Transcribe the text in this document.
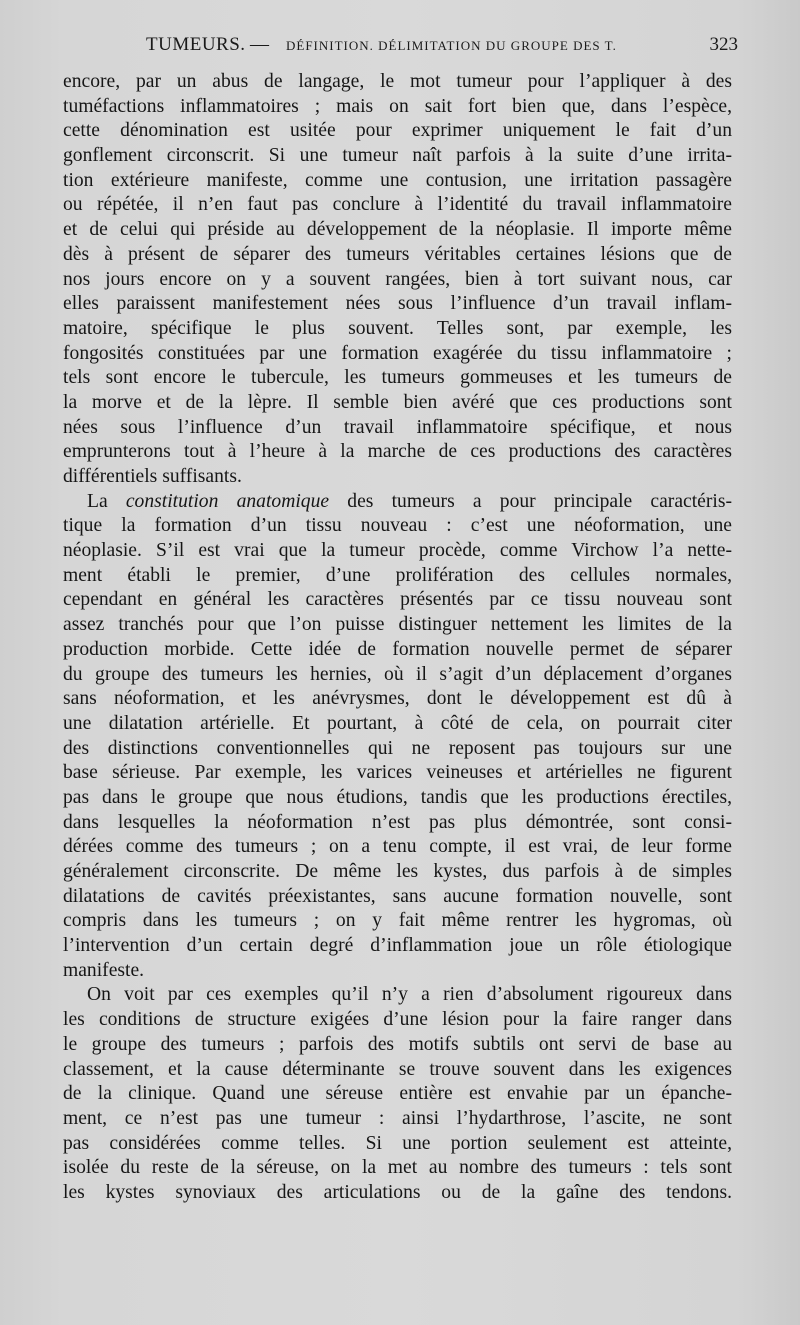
TUMEURS. — DÉFINITION. DÉLIMITATION DU GROUPE DES T.	323
encore, par un abus de langage, le mot tumeur pour l’appliquer à des
tuméfactions inflammatoires ; mais on sait fort bien que, dans l’espèce,
cette dénomination est usitée pour exprimer uniquement le fait d’un
gonflement circonscrit. Si une tumeur naît parfois à la suite d’une irrita-
tion extérieure manifeste, comme une contusion, une irritation passagère
ou répétée, il n’en faut pas conclure à l’identité du travail inflammatoire
et de celui qui préside au développement de la néoplasie. Il importe même
dès à présent de séparer des tumeurs véritables certaines lésions que de
nos jours encore on y a souvent rangées, bien à tort suivant nous, car
elles paraissent manifestement nées sous l’influence d’un travail inflam-
matoire, spécifique le plus souvent. Telles sont, par exemple, les
fongosités constituées par une formation exagérée du tissu inflammatoire ;
tels sont encore le tubercule, les tumeurs gommeuses et les tumeurs de
la morve et de la lèpre. Il semble bien avéré que ces productions sont
nées sous l’influence d’un travail inflammatoire spécifique, et nous
emprunterons tout à l’heure à la marche de ces productions des caractères
différentiels suffisants.
La constitution anatomique des tumeurs a pour principale caractéris-
tique la formation d’un tissu nouveau : c’est une néoformation, une
néoplasie. S’il est vrai que la tumeur procède, comme Virchow l’a nette-
ment établi le premier, d’une prolifération des cellules normales,
cependant en général les caractères présentés par ce tissu nouveau sont
assez tranchés pour que l’on puisse distinguer nettement les limites de la
production morbide. Cette idée de formation nouvelle permet de séparer
du groupe des tumeurs les hernies, où il s’agit d’un déplacement d’organes
sans néoformation, et les anévrysmes, dont le développement est dû à
une dilatation artérielle. Et pourtant, à côté de cela, on pourrait citer
des distinctions conventionnelles qui ne reposent pas toujours sur une
base sérieuse. Par exemple, les varices veineuses et artérielles ne figurent
pas dans le groupe que nous étudions, tandis que les productions érectiles,
dans lesquelles la néoformation n’est pas plus démontrée, sont consi-
dérées comme des tumeurs ; on a tenu compte, il est vrai, de leur forme
généralement circonscrite. De même les kystes, dus parfois à de simples
dilatations de cavités préexistantes, sans aucune formation nouvelle, sont
compris dans les tumeurs ; on y fait même rentrer les hygromas, où
l’intervention d’un certain degré d’inflammation joue un rôle étiologique
manifeste.
On voit par ces exemples qu’il n’y a rien d’absolument rigoureux dans
les conditions de structure exigées d’une lésion pour la faire ranger dans
le groupe des tumeurs ; parfois des motifs subtils ont servi de base au
classement, et la cause déterminante se trouve souvent dans les exigences
de la clinique. Quand une séreuse entière est envahie par un épanche-
ment, ce n’est pas une tumeur : ainsi l’hydarthrose, l’ascite, ne sont
pas considérées comme telles. Si une portion seulement est atteinte,
isolée du reste de la séreuse, on la met au nombre des tumeurs : tels sont
les kystes synoviaux des articulations ou de la gaîne des tendons.
